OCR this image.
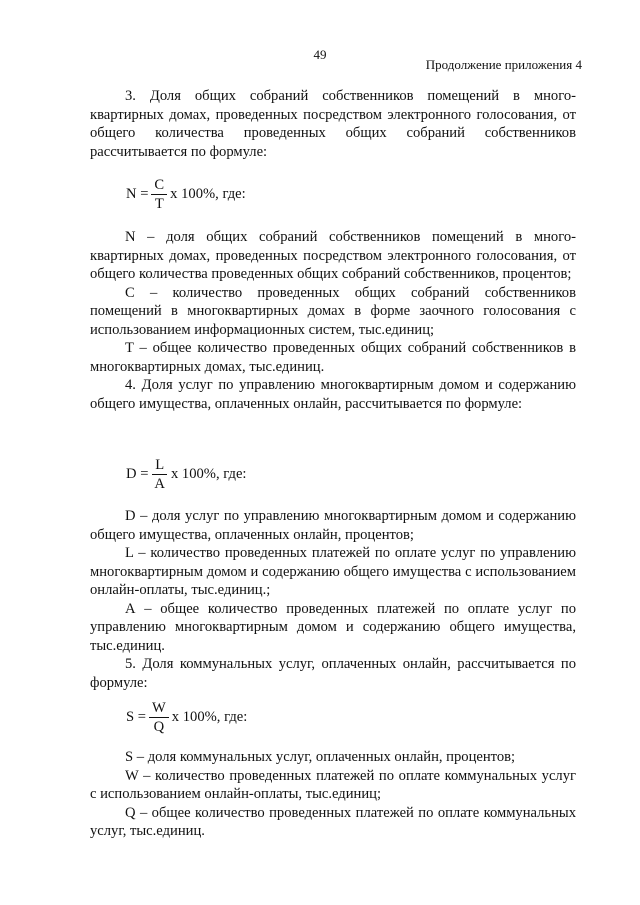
49
Продолжение приложения 4

3. Доля общих собраний собственников помещений в много-квартирных домах, проведенных посредством электронного голосования, от общего количества проведенных общих собраний собственников рассчитывается по формуле:

$N = \frac{C}{T}$ x 100%, где:

N – доля общих собраний собственников помещений в много-квартирных домах, проведенных посредством электронного голосования, от общего количества проведенных общих собраний собственников, процентов;

С – количество проведенных общих собраний собственников помещений в многоквартирных домах в форме заочного голосования с использованием информационных систем, тыс.единиц;

T – общее количество проведенных общих собраний собственников в многоквартирных домах, тыс.единиц.

4. Доля услуг по управлению многоквартирным домом и содержанию общего имущества, оплаченных онлайн, рассчитывается по формуле:

$D = \frac{L}{A}$ x 100%, где:

D – доля услуг по управлению многоквартирным домом и содержанию общего имущества, оплаченных онлайн, процентов;

L – количество проведенных платежей по оплате услуг по управлению многоквартирным домом и содержанию общего имущества с использованием онлайн-оплаты, тыс.единиц.;

А – общее количество проведенных платежей по оплате услуг по управлению многоквартирным домом и содержанию общего имущества, тыс.единиц.

5. Доля коммунальных услуг, оплаченных онлайн, рассчитывается по формуле:

$S = \frac{W}{Q}$ x 100%, где:

S – доля коммунальных услуг, оплаченных онлайн, процентов;

W – количество проведенных платежей по оплате коммунальных услуг с использованием онлайн-оплаты, тыс.единиц;

Q – общее количество проведенных платежей по оплате коммунальных услуг, тыс.единиц.
